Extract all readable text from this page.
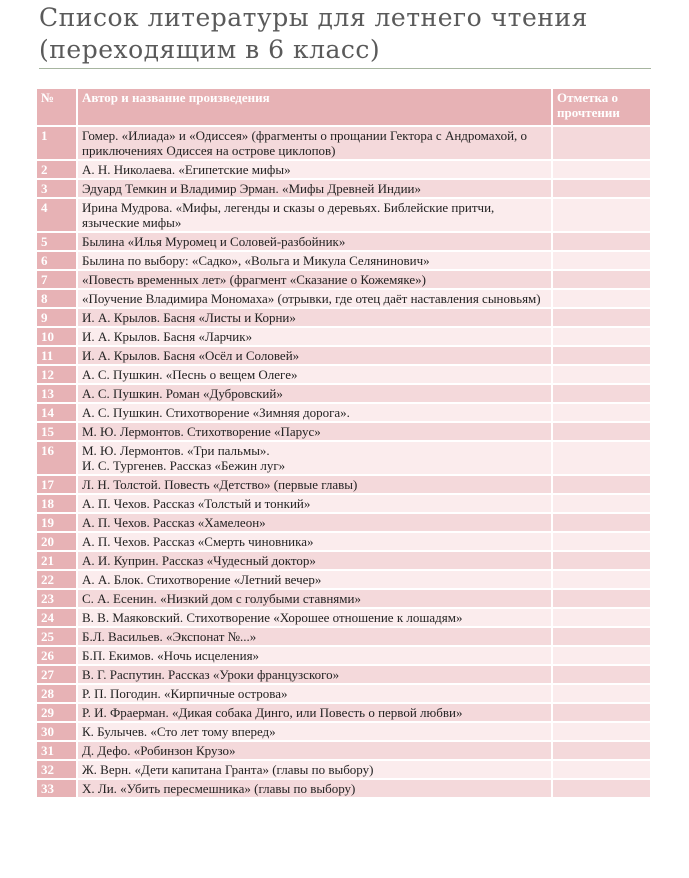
Список литературы для летнего чтения
(переходящим в 6 класс)
№	Автор и название произведения	Отметка о прочтении
1	Гомер. «Илиада» и «Одиссея» (фрагменты о прощании Гектора с Андромахой, о приключениях Одиссея на острове циклопов)	
2	А. Н. Николаева. «Египетские мифы»	
3	Эдуард Темкин и Владимир Эрман. «Мифы Древней Индии»	
4	Ирина Мудрова. «Мифы, легенды и сказы о деревьях. Библейские притчи, языческие мифы»	
5	Былина «Илья Муромец и Соловей-разбойник»	
6	Былина по выбору: «Садко», «Вольга и Микула Селянинович»	
7	«Повесть временных лет» (фрагмент «Сказание о Кожемяке»)	
8	«Поучение Владимира Мономаха» (отрывки, где отец даёт наставления сыновьям)	
9	И. А. Крылов. Басня «Листы и Корни»	
10	И. А. Крылов. Басня «Ларчик»	
11	И. А. Крылов. Басня «Осёл и Соловей»	
12	А. С. Пушкин. «Песнь о вещем Олеге»	
13	А. С. Пушкин. Роман «Дубровский»	
14	А. С. Пушкин. Стихотворение «Зимняя дорога».	
15	М. Ю. Лермонтов. Стихотворение «Парус»	
16	М. Ю. Лермонтов. «Три пальмы».
И. С. Тургенев. Рассказ «Бежин луг»	

17	Л. Н. Толстой. Повесть «Детство» (первые главы)	
18	А. П. Чехов. Рассказ «Толстый и тонкий»	
19	А. П. Чехов. Рассказ «Хамелеон»	
20	А. П. Чехов. Рассказ «Смерть чиновника»	
21	А. И. Куприн. Рассказ «Чудесный доктор»	
22	А. А. Блок. Стихотворение «Летний вечер»	
23	С. А. Есенин. «Низкий дом с голубыми ставнями»	
24	В. В. Маяковский. Стихотворение «Хорошее отношение к лошадям»	
25	Б.Л. Васильев. «Экспонат №...»	
26	Б.П. Екимов. «Ночь исцеления»	
27	В. Г. Распутин. Рассказ «Уроки французского»	
28	Р. П. Погодин. «Кирпичные острова»	
29	Р. И. Фраерман. «Дикая собака Динго, или Повесть о первой любви»	
30	К. Булычев. «Сто лет тому вперед»	
31	Д. Дефо. «Робинзон Крузо»	
32	Ж. Верн. «Дети капитана Гранта» (главы по выбору)	
33	Х. Ли. «Убить пересмешника» (главы по выбору)	
